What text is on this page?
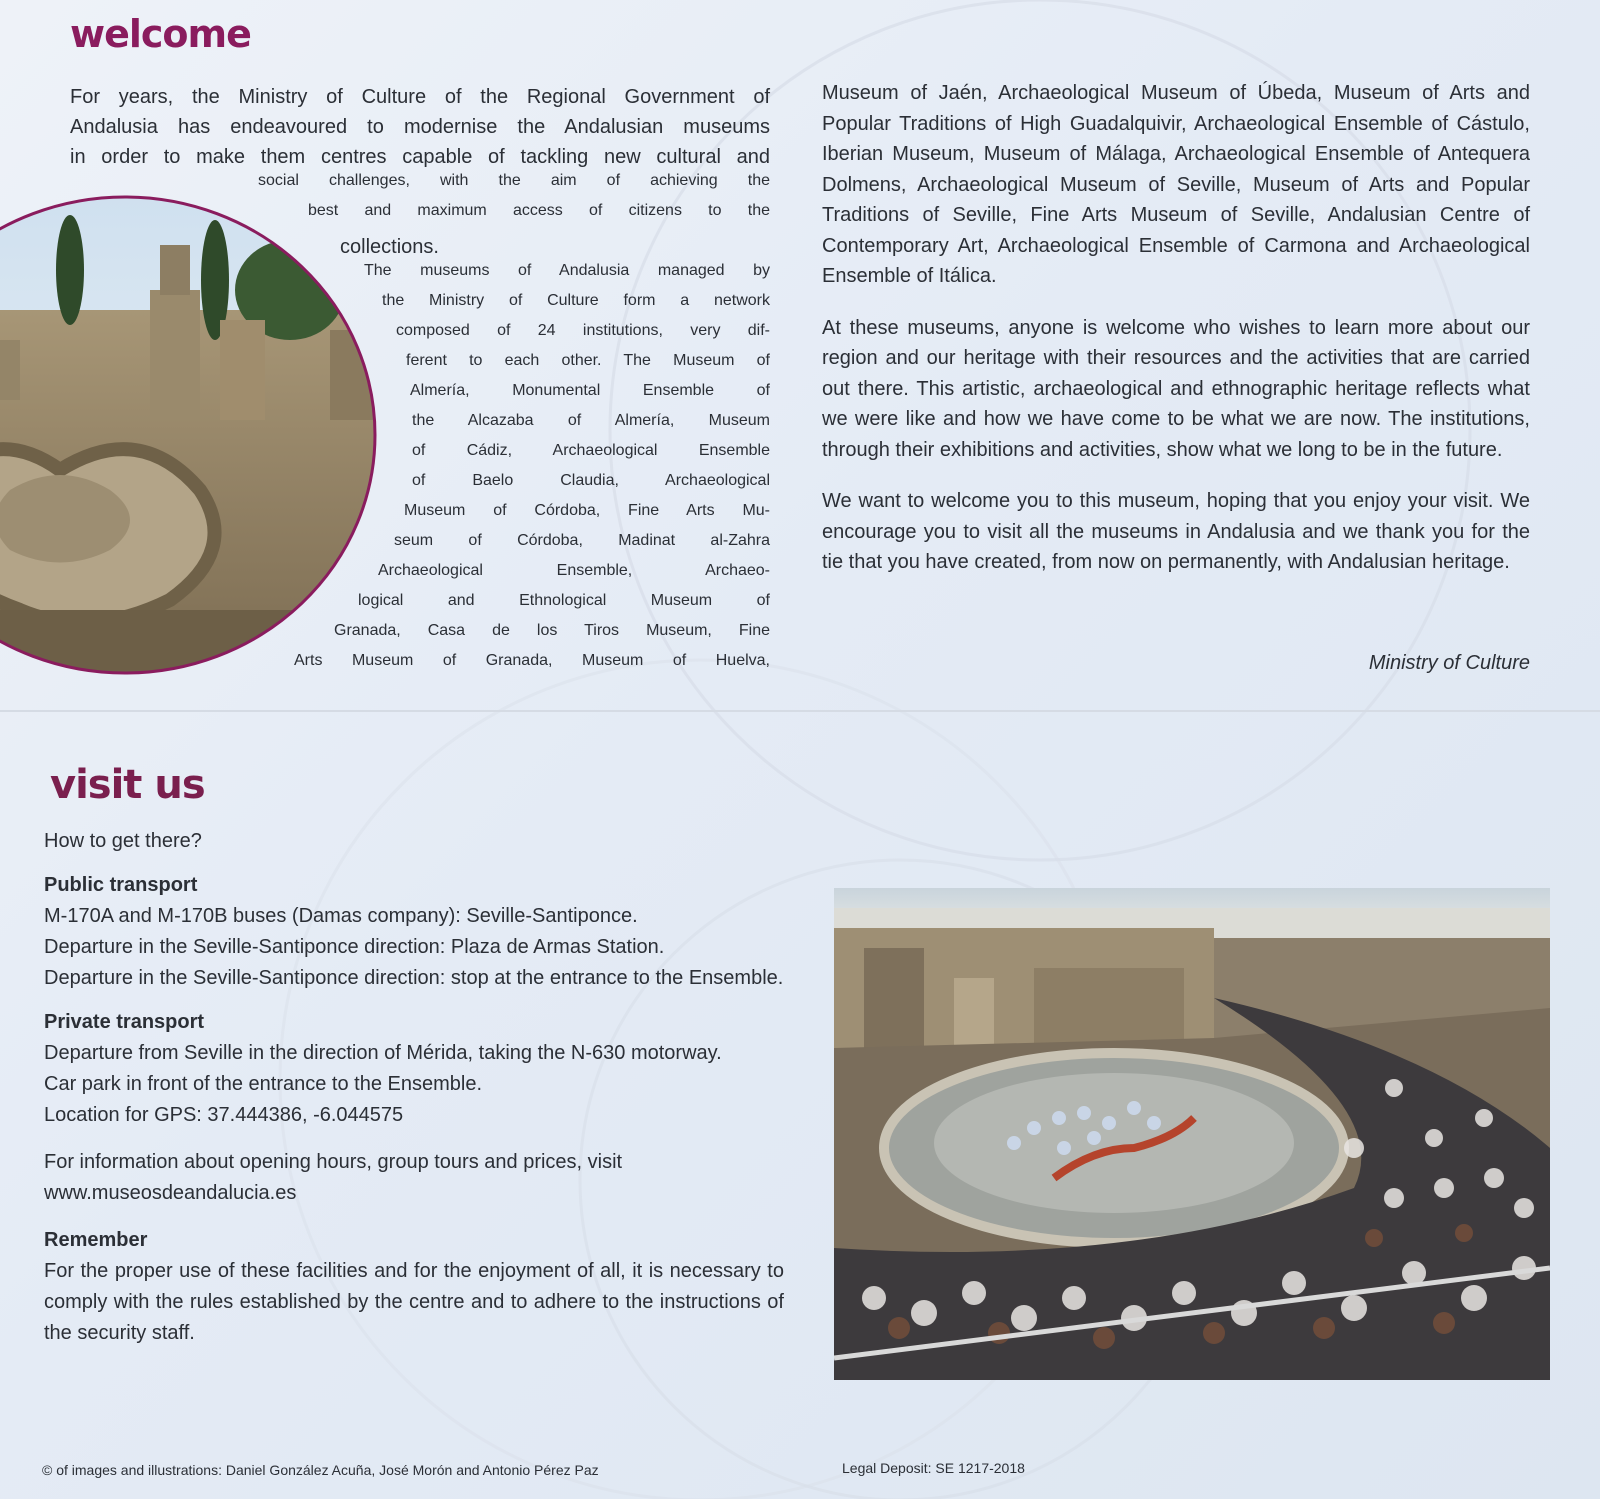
welcome
For years, the Ministry of Culture of the Regional Government of
Andalusia has endeavoured to modernise the Andalusian museums
in order to make them centres capable of tackling new cultural and
social challenges, with the aim of achieving the
best and maximum access of citizens to the
collections.
The museums of Andalusia managed by
the Ministry of Culture form a network
composed of 24 institutions, very dif-
ferent to each other. The Museum of
Almería, Monumental Ensemble of
the Alcazaba of Almería, Museum
of Cádiz, Archaeological Ensemble
of Baelo Claudia, Archaeological
Museum of Córdoba, Fine Arts Mu-
seum of Córdoba, Madinat al-Zahra
Archaeological Ensemble, Archaeo-
logical and Ethnological Museum of
Granada, Casa de los Tiros Museum, Fine
Arts Museum of Granada, Museum of Huelva,

Museum of Jaén, Archaeological Museum of Úbeda, Museum of Arts and Popular Traditions of High Guadalquivir, Archaeological Ensemble of Cástulo, Iberian Museum, Museum of Málaga, Archaeological Ensemble of Antequera Dolmens, Archaeological Museum of Seville, Museum of Arts and Popular Traditions of Seville, Fine Arts Museum of Seville, Andalusian Centre of Contemporary Art, Archaeological Ensemble of Carmona and Archaeological Ensemble of Itálica.

At these museums, anyone is welcome who wishes to learn more about our region and our heritage with their resources and the activities that are carried out there. This artistic, archaeological and ethnographic heritage reflects what we were like and how we have come to be what we are now. The institutions, through their exhibitions and activities, show what we long to be in the future.

We want to welcome you to this museum, hoping that you enjoy your visit. We encourage you to visit all the museums in Andalusia and we thank you for the tie that you have created, from now on permanently, with Andalusian heritage.

Ministry of Culture
visit us
How to get there?
Public transport

M-170A and M-170B buses (Damas company): Seville-Santiponce.

Departure in the Seville-Santiponce direction: Plaza de Armas Station.

Departure in the Seville-Santiponce direction: stop at the entrance to the Ensemble.

Private transport

Departure from Seville in the direction of Mérida, taking the N-630 motorway.

Car park in front of the entrance to the Ensemble.

Location for GPS: 37.444386, -6.044575

For information about opening hours, group tours and prices, visit

www.museosdeandalucia.es

Remember

For the proper use of these facilities and for the enjoyment of all, it is necessary to comply with the rules established by the centre and to adhere to the instructions of the security staff.

© of images and illustrations: Daniel González Acuña, José Morón and Antonio Pérez Paz	Legal Deposit: SE 1217-2018
